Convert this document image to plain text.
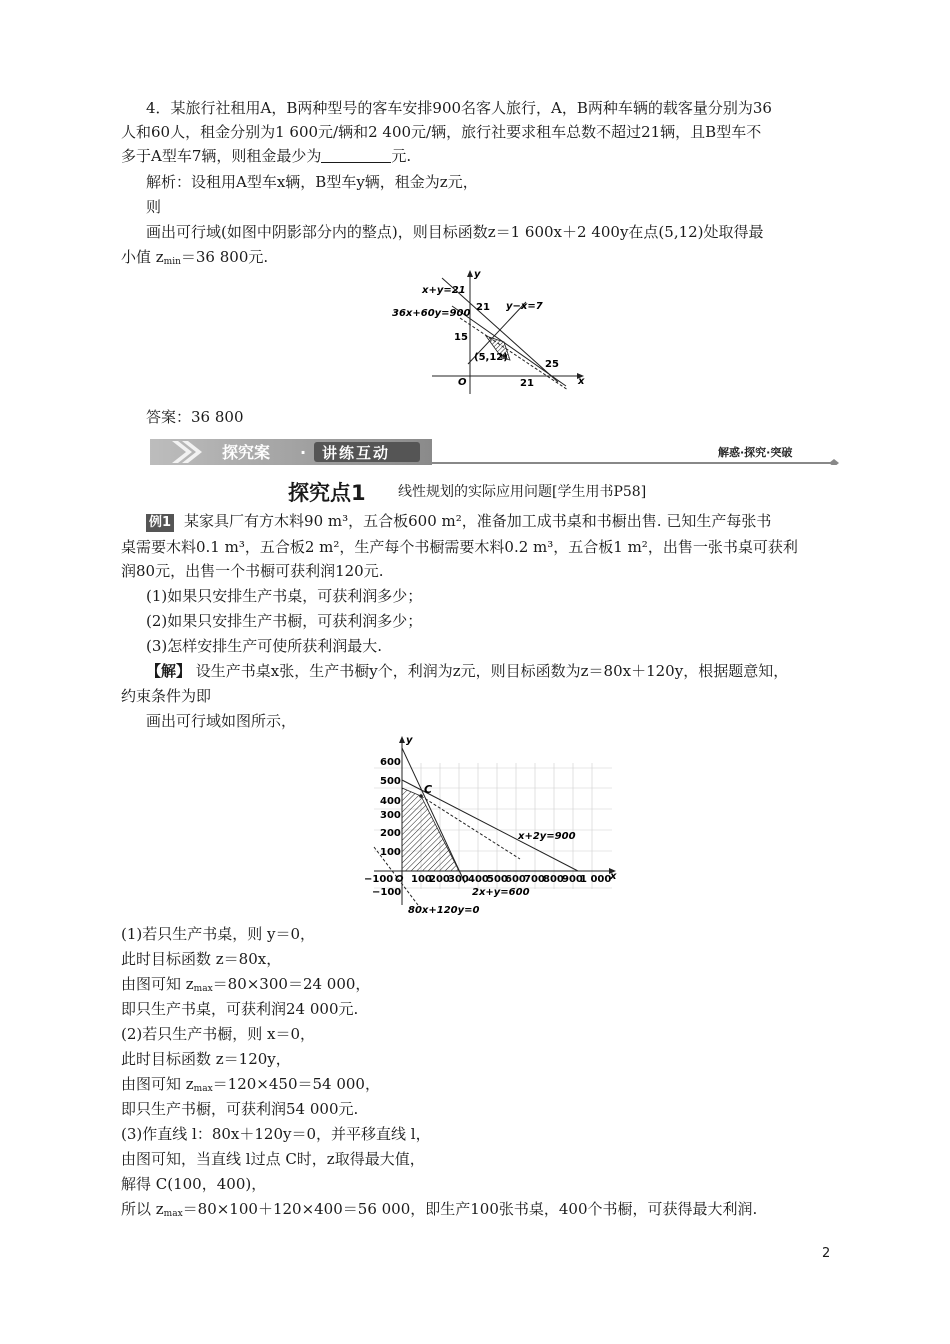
4．某旅行社租用A，B两种型号的客车安排900名客人旅行，A，B两种车辆的载客量分别为36
人和60人，租金分别为1 600元/辆和2 400元/辆，旅行社要求租车总数不超过21辆，且B型车不
多于A型车7辆，则租金最少为	元.
解析：设租用A型车x辆，B型车y辆，租金为z元，
则
画出可行域(如图中阴影部分内的整点)，则目标函数z＝1 600x＋2 400y在点(5,12)处取得最
小值 $z_{min}=36$ 800元.
x+y=21
36x+60y=900
y−x=7
(5,12)
21
15
21
25
O	x
y
答案：36 800
探究案 · 讲练互动	解惑·探究·突破
探究点1 线性规划的实际应用问题[学生用书P58]
例1 某家具厂有方木料90 m³，五合板600 m²，准备加工成书桌和书橱出售. 已知生产每张书
桌需要木料0.1 m³，五合板2 m²，生产每个书橱需要木料0.2 m³，五合板1 m²，出售一张书桌可获利
润80元，出售一个书橱可获利润120元.
(1)如果只安排生产书桌，可获利润多少；
(2)如果只安排生产书橱，可获利润多少；
(3)怎样安排生产可使所获利润最大.
【解】 设生产书桌x张，生产书橱y个，利润为z元，则目标函数为z＝80x＋120y，根据题意知，
约束条件为即
画出可行域如图所示，
C
x+2y=900
2x+y=600
80x+120y=0
600
500
400
300
200
100
−100
−100 O 100
200
300 400
500
600
700
800
900
1 000
x
y
(1)若只生产书桌，则 y＝0，
此时目标函数 z＝80x，
由图可知 $z_{max}=80\times 300=24$ 000，
即只生产书桌，可获利润24 000元.
(2)若只生产书橱，则 x＝0，
此时目标函数 z＝120y，
由图可知 $z_{max}=120\times 450=54$ 000，
即只生产书橱，可获利润54 000元.
(3)作直线 l：80x＋120y＝0，并平移直线 l，
由图可知，当直线 l过点 C时，z取得最大值，
解得 C(100，400)，
所以 $z_{max}=80\times 100+120\times 400=56$ 000，即生产100张书桌，400个书橱，可获得最大利润.
2
